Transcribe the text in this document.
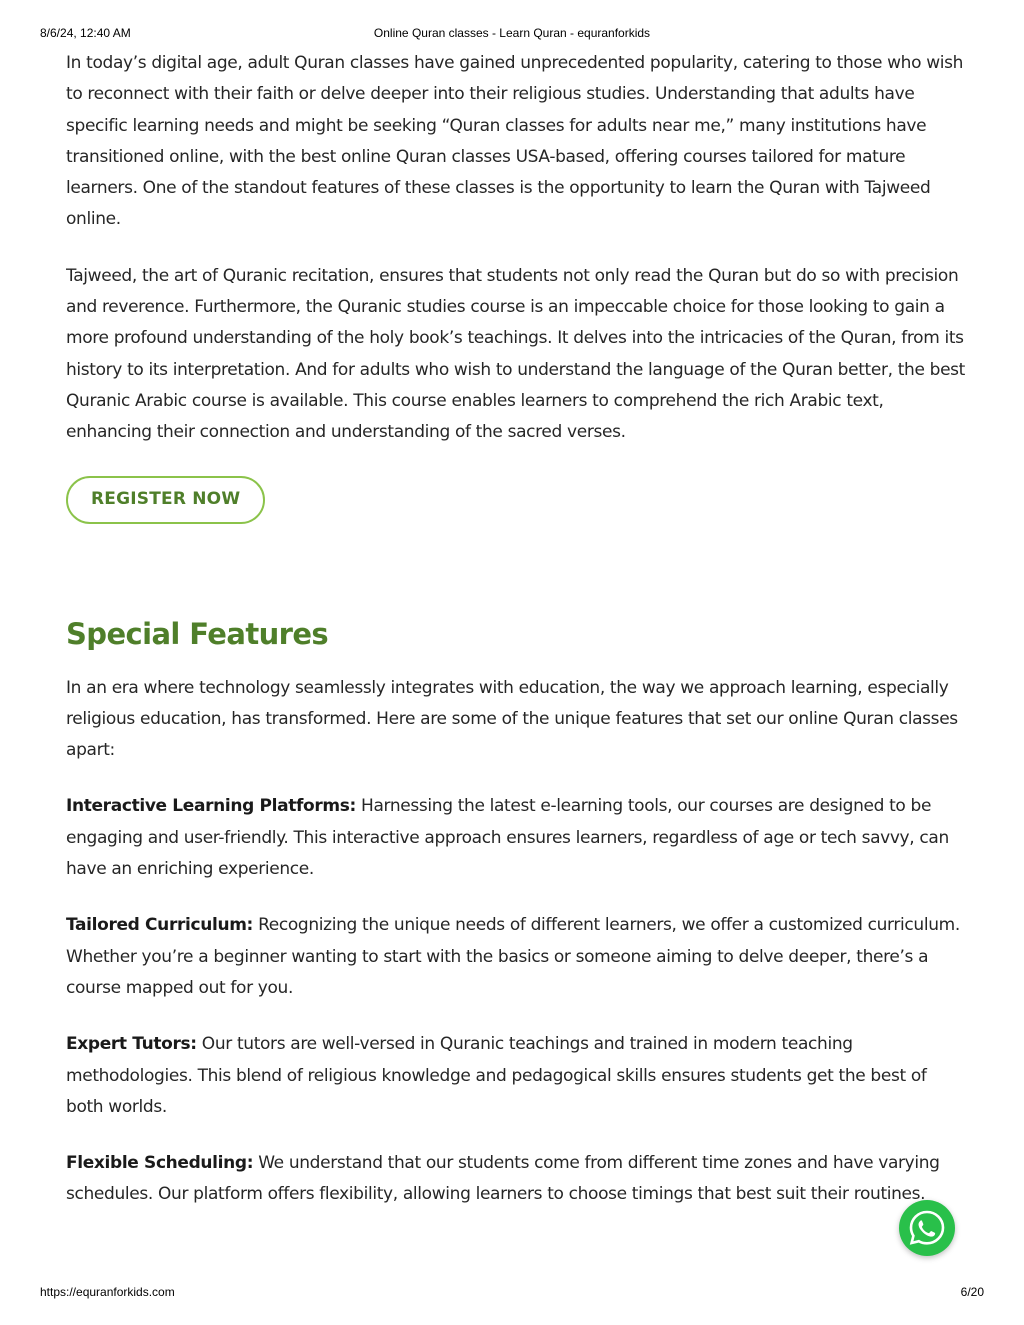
8/6/24, 12:40 AM	Online Quran classes - Learn Quran - equranforkids

In today’s digital age, adult Quran classes have gained unprecedented popularity, catering to those who wish to reconnect with their faith or delve deeper into their religious studies. Understanding that adults have specific learning needs and might be seeking “Quran classes for adults near me,” many institutions have transitioned online, with the best online Quran classes USA-based, offering courses tailored for mature learners. One of the standout features of these classes is the opportunity to learn the Quran with Tajweed online.

Tajweed, the art of Quranic recitation, ensures that students not only read the Quran but do so with precision and reverence. Furthermore, the Quranic studies course is an impeccable choice for those looking to gain a more profound understanding of the holy book’s teachings. It delves into the intricacies of the Quran, from its history to its interpretation. And for adults who wish to understand the language of the Quran better, the best Quranic Arabic course is available. This course enables learners to comprehend the rich Arabic text, enhancing their connection and understanding of the sacred verses.

REGISTER NOW
Special Features

In an era where technology seamlessly integrates with education, the way we approach learning, especially religious education, has transformed. Here are some of the unique features that set our online Quran classes apart:

Interactive Learning Platforms: Harnessing the latest e-learning tools, our courses are designed to be engaging and user-friendly. This interactive approach ensures learners, regardless of age or tech savvy, can have an enriching experience.

Tailored Curriculum: Recognizing the unique needs of different learners, we offer a customized curriculum. Whether you’re a beginner wanting to start with the basics or someone aiming to delve deeper, there’s a course mapped out for you.

Expert Tutors: Our tutors are well-versed in Quranic teachings and trained in modern teaching methodologies. This blend of religious knowledge and pedagogical skills ensures students get the best of both worlds.

Flexible Scheduling: We understand that our students come from different time zones and have varying schedules. Our platform offers flexibility, allowing learners to choose timings that best suit their routines.

https://equranforkids.com	6/20
